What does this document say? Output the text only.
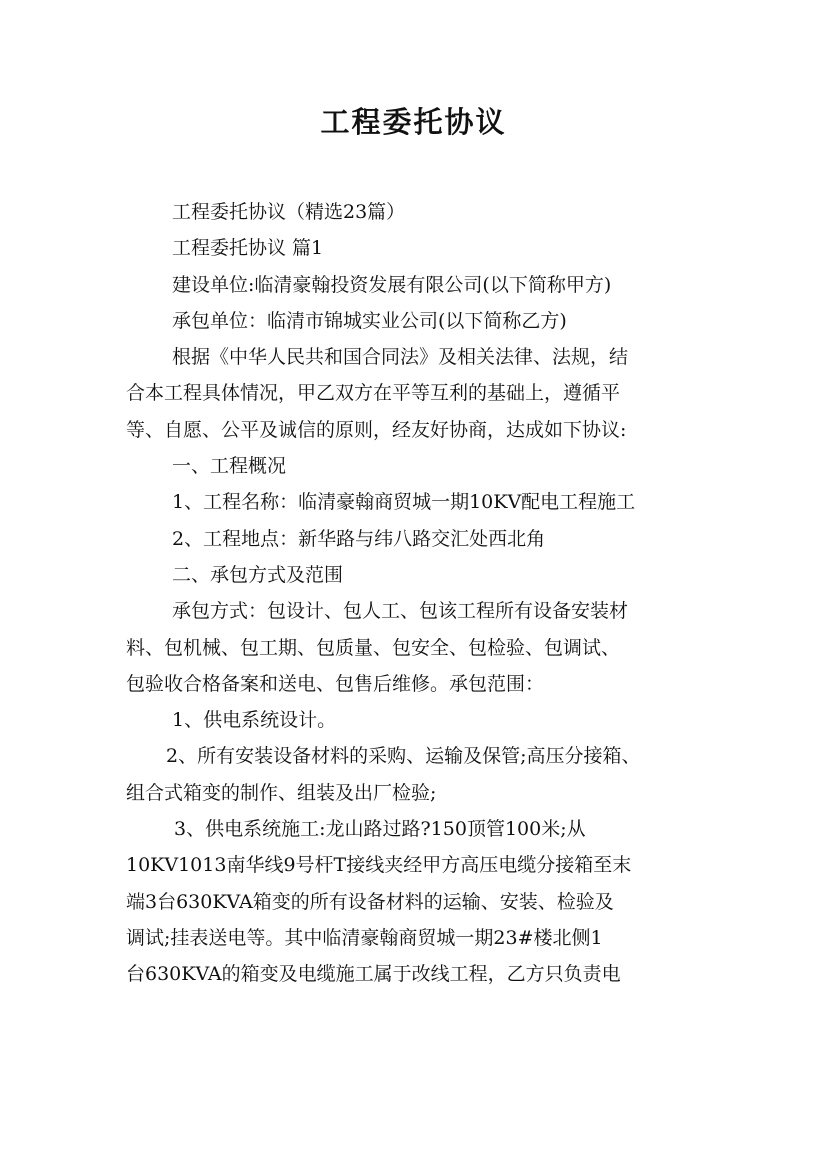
工程委托协议
工程委托协议（精选23篇）
工程委托协议 篇1
建设单位:临清豪翰投资发展有限公司(以下简称甲方)
承包单位：临清市锦城实业公司(以下简称乙方)
根据《中华人民共和国合同法》及相关法律、法规，结
合本工程具体情况，甲乙双方在平等互利的基础上，遵循平
等、自愿、公平及诚信的原则，经友好协商，达成如下协议:
一、工程概况
1、工程名称：临清豪翰商贸城一期10KV配电工程施工
2、工程地点：新华路与纬八路交汇处西北角
二、承包方式及范围
承包方式：包设计、包人工、包该工程所有设备安装材
料、包机械、包工期、包质量、包安全、包检验、包调试、
包验收合格备案和送电、包售后维修。承包范围：
1、供电系统设计。
2、所有安装设备材料的采购、运输及保管;高压分接箱、
组合式箱变的制作、组装及出厂检验;
3、供电系统施工:龙山路过路?150顶管100米;从
10KV1013南华线9号杆T接线夹经甲方高压电缆分接箱至末
端3台630KVA箱变的所有设备材料的运输、安装、检验及
调试;挂表送电等。其中临清豪翰商贸城一期23#楼北侧1
台630KVA的箱变及电缆施工属于改线工程，乙方只负责电
